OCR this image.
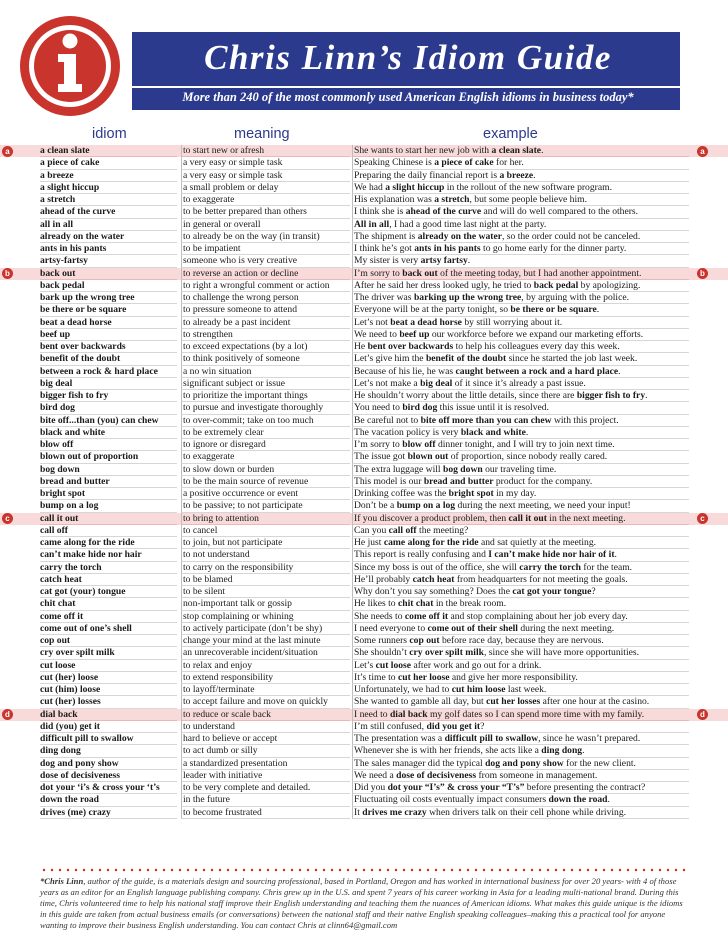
Chris Linn’s Idiom Guide
More than 240 of the most commonly used American English idioms in business today*
idiom	meaning	example
a clean slate	to start new or afresh	She wants to start her new job with a clean slate.
a	a
a piece of cake	a very easy or simple task	Speaking Chinese is a piece of cake for her.
a breeze	a very easy or simple task	Preparing the daily financial report is a breeze.
a slight hiccup	a small problem or delay	We had a slight hiccup in the rollout of the new software program.
a stretch	to exaggerate	His explanation was a stretch, but some people believe him.
ahead of the curve	to be better prepared than others	I think she is ahead of the curve and will do well compared to the others.
all in all	in general or overall	All in all, I had a good time last night at the party.
already on the water	to already be on the way (in transit)	The shipment is already on the water, so the order could not be canceled.
ants in his pants	to be impatient	I think he’s got ants in his pants to go home early for the dinner party.
artsy-fartsy	someone who is very creative	My sister is very artsy fartsy.
back out	to reverse an action or decline	I’m sorry to back out of the meeting today, but I had another appointment.
b	b
back pedal	to right a wrongful comment or action	After he said her dress looked ugly, he tried to back pedal by apologizing.
bark up the wrong tree	to challenge the wrong person	The driver was barking up the wrong tree, by arguing with the police.
be there or be square	to pressure someone to attend	Everyone will be at the party tonight, so be there or be square.
beat a dead horse	to already be a past incident	Let’s not beat a dead horse by still worrying about it.
beef up	to strengthen	We need to beef up our workforce before we expand our marketing efforts.
bent over backwards	to exceed expectations (by a lot)	He bent over backwards to help his colleagues every day this week.
benefit of the doubt	to think positively of someone	Let’s give him the benefit of the doubt since he started the job last week.
between a rock & hard place	a no win situation	Because of his lie, he was caught between a rock and a hard place.
big deal	significant subject or issue	Let’s not make a big deal of it since it’s already a past issue.
bigger fish to fry	to prioritize the important things	He shouldn’t worry about the little details, since there are bigger fish to fry.
bird dog	to pursue and investigate thoroughly	You need to bird dog this issue until it is resolved.
bite off...than (you) can chew	to over-commit; take on too much	Be careful not to bite off more than you can chew with this project.
black and white	to be extremely clear	The vacation policy is very black and white.
blow off	to ignore or disregard	I’m sorry to blow off dinner tonight, and I will try to join next time.
blown out of proportion	to exaggerate	The issue got blown out of proportion, since nobody really cared.
bog down	to slow down or burden	The extra luggage will bog down our traveling time.
bread and butter	to be the main source of revenue	This model is our bread and butter product for the company.
bright spot	a positive occurrence or event	Drinking coffee was the bright spot in my day.
bump on a log	to be passive; to not participate	Don’t be a bump on a log during the next meeting, we need your input!
call it out	to bring to attention	If you discover a product problem, then call it out in the next meeting.
c	c
call off	to cancel	Can you call off the meeting?
came along for the ride	to join, but not participate	He just came along for the ride and sat quietly at the meeting.
can’t make hide nor hair	to not understand	This report is really confusing and I can’t make hide nor hair of it.
carry the torch	to carry on the responsibility	Since my boss is out of the office, she will carry the torch for the team.
catch heat	to be blamed	He’ll probably catch heat from headquarters for not meeting the goals.
cat got (your) tongue	to be silent	Why don’t you say something? Does the cat got your tongue?
chit chat	non-important talk or gossip	He likes to chit chat in the break room.
come off it	stop complaining or whining	She needs to come off it and stop complaining about her job every day.
come out of one’s shell	to actively participate (don’t be shy)	I need everyone to come out of their shell during the next meeting.
cop out	change your mind at the last minute	Some runners cop out before race day, because they are nervous.
cry over spilt milk	an unrecoverable incident/situation	She shouldn’t cry over spilt milk, since she will have more opportunities.
cut loose	to relax and enjoy	Let’s cut loose after work and go out for a drink.
cut (her) loose	to extend responsibility	It’s time to cut her loose and give her more responsibility.
cut (him) loose	to layoff/terminate	Unfortunately, we had to cut him loose last week.
cut (her) losses	to accept failure and move on quickly	She wanted to gamble all day, but cut her losses after one hour at the casino.
dial back	to reduce or scale back	I need to dial back my golf dates so I can spend more time with my family.
d	d
did (you) get it	to understand	I’m still confused, did you get it?
difficult pill to swallow	hard to believe or accept	The presentation was a difficult pill to swallow, since he wasn’t prepared.
ding dong	to act dumb or silly	Whenever she is with her friends, she acts like a ding dong.
dog and pony show	a standardized presentation	The sales manager did the typical dog and pony show for the new client.
dose of decisiveness	leader with initiative	We need a dose of decisiveness from someone in management.
dot your ‘i’s & cross your ‘t’s	to be very complete and detailed.	Did you dot your “I’s” & cross your “T’s” before presenting the contract?
down the road	in the future	Fluctuating oil costs eventually impact consumers down the road.
drives (me) crazy	to become frustrated	It drives me crazy when drivers talk on their cell phone while driving.
*Chris Linn, author of the guide, is a materials design and sourcing professional, based in Portland, Oregon and has worked in international business for over 20 years- with 4 of those years as an editor for an English language publishing company. Chris grew up in the U.S. and spent 7 years of his career working in Asia for a leading multi-national brand. During this time, Chris volunteered time to help his national staff improve their English understanding and teaching them the nuances of American idioms. What makes this guide unique is the idioms in this guide are taken from actual business emails (or conversations) between the national staff and their native English speaking colleagues–making this a practical tool for anyone wanting to improve their business English understanding. You can contact Chris at clinn64@gmail.com
